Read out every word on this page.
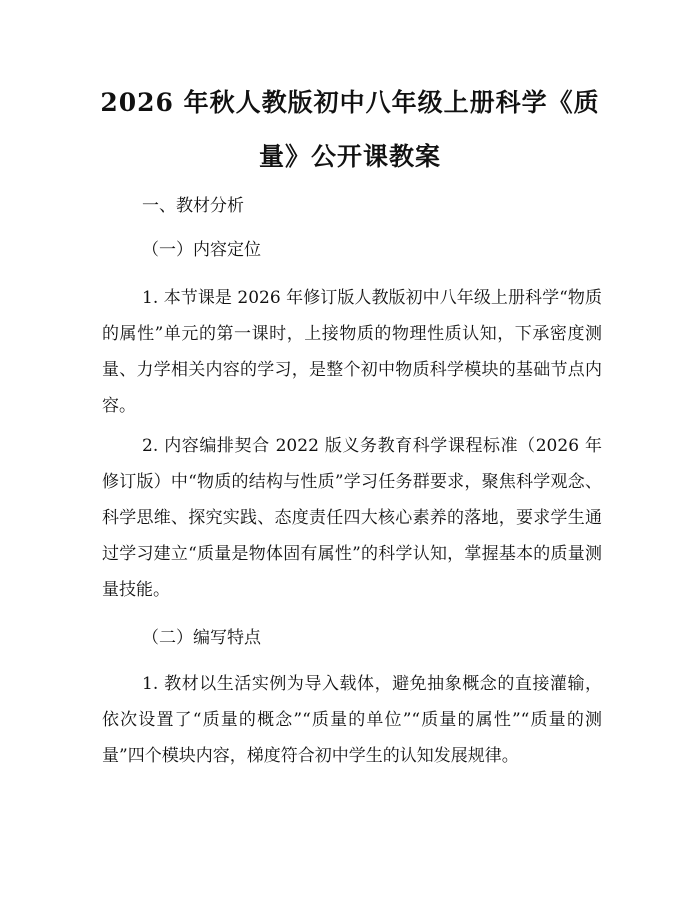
2026 年秋人教版初中八年级上册科学《质量》公开课教案

一、教材分析

（一）内容定位

1. 本节课是 2026 年修订版人教版初中八年级上册科学“物质的属性”单元的第一课时，上接物质的物理性质认知，下承密度测量、力学相关内容的学习，是整个初中物质科学模块的基础节点内容。

2. 内容编排契合 2022 版义务教育科学课程标准（2026 年修订版）中“物质的结构与性质”学习任务群要求，聚焦科学观念、科学思维、探究实践、态度责任四大核心素养的落地，要求学生通过学习建立“质量是物体固有属性”的科学认知，掌握基本的质量测量技能。

（二）编写特点

1. 教材以生活实例为导入载体，避免抽象概念的直接灌输，依次设置了“质量的概念”“质量的单位”“质量的属性”“质量的测量”四个模块内容，梯度符合初中学生的认知发展规律。
